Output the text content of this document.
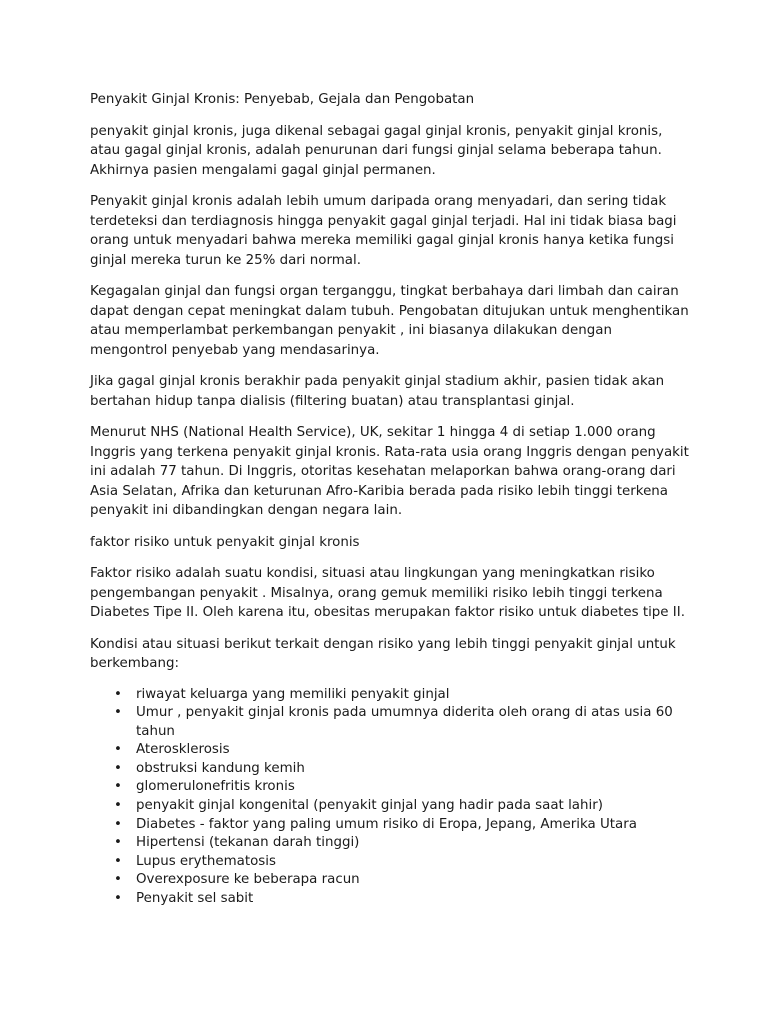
Penyakit Ginjal Kronis: Penyebab, Gejala dan Pengobatan

penyakit ginjal kronis, juga dikenal sebagai gagal ginjal kronis, penyakit ginjal kronis, atau gagal ginjal kronis, adalah penurunan dari fungsi ginjal selama beberapa tahun. Akhirnya pasien mengalami gagal ginjal permanen.

Penyakit ginjal kronis adalah lebih umum daripada orang menyadari, dan sering tidak terdeteksi dan terdiagnosis hingga penyakit gagal ginjal terjadi. Hal ini tidak biasa bagi orang untuk menyadari bahwa mereka memiliki gagal ginjal kronis hanya ketika fungsi ginjal mereka turun ke 25% dari normal.

Kegagalan ginjal dan fungsi organ terganggu, tingkat berbahaya dari limbah dan cairan dapat dengan cepat meningkat dalam tubuh. Pengobatan ditujukan untuk menghentikan atau memperlambat perkembangan penyakit , ini biasanya dilakukan dengan mengontrol penyebab yang mendasarinya.

Jika gagal ginjal kronis berakhir pada penyakit ginjal stadium akhir, pasien tidak akan bertahan hidup tanpa dialisis (filtering buatan) atau transplantasi ginjal.

Menurut NHS (National Health Service), UK, sekitar 1 hingga 4 di setiap 1.000 orang Inggris yang terkena penyakit ginjal kronis. Rata-rata usia orang Inggris dengan penyakit ini adalah 77 tahun. Di Inggris, otoritas kesehatan melaporkan bahwa orang-orang dari Asia Selatan, Afrika dan keturunan Afro-Karibia berada pada risiko lebih tinggi terkena penyakit ini dibandingkan dengan negara lain.

faktor risiko untuk penyakit ginjal kronis

Faktor risiko adalah suatu kondisi, situasi atau lingkungan yang meningkatkan risiko pengembangan penyakit . Misalnya, orang gemuk memiliki risiko lebih tinggi terkena Diabetes Tipe II. Oleh karena itu, obesitas merupakan faktor risiko untuk diabetes tipe II.

Kondisi atau situasi berikut terkait dengan risiko yang lebih tinggi penyakit ginjal untuk berkembang:

• riwayat keluarga yang memiliki penyakit ginjal
• Umur , penyakit ginjal kronis pada umumnya diderita oleh orang di atas usia 60 tahun
• Aterosklerosis
• obstruksi kandung kemih
• glomerulonefritis kronis
• penyakit ginjal kongenital (penyakit ginjal yang hadir pada saat lahir)
• Diabetes - faktor yang paling umum risiko di Eropa, Jepang, Amerika Utara
• Hipertensi (tekanan darah tinggi)
• Lupus erythematosis
• Overexposure ke beberapa racun
• Penyakit sel sabit
